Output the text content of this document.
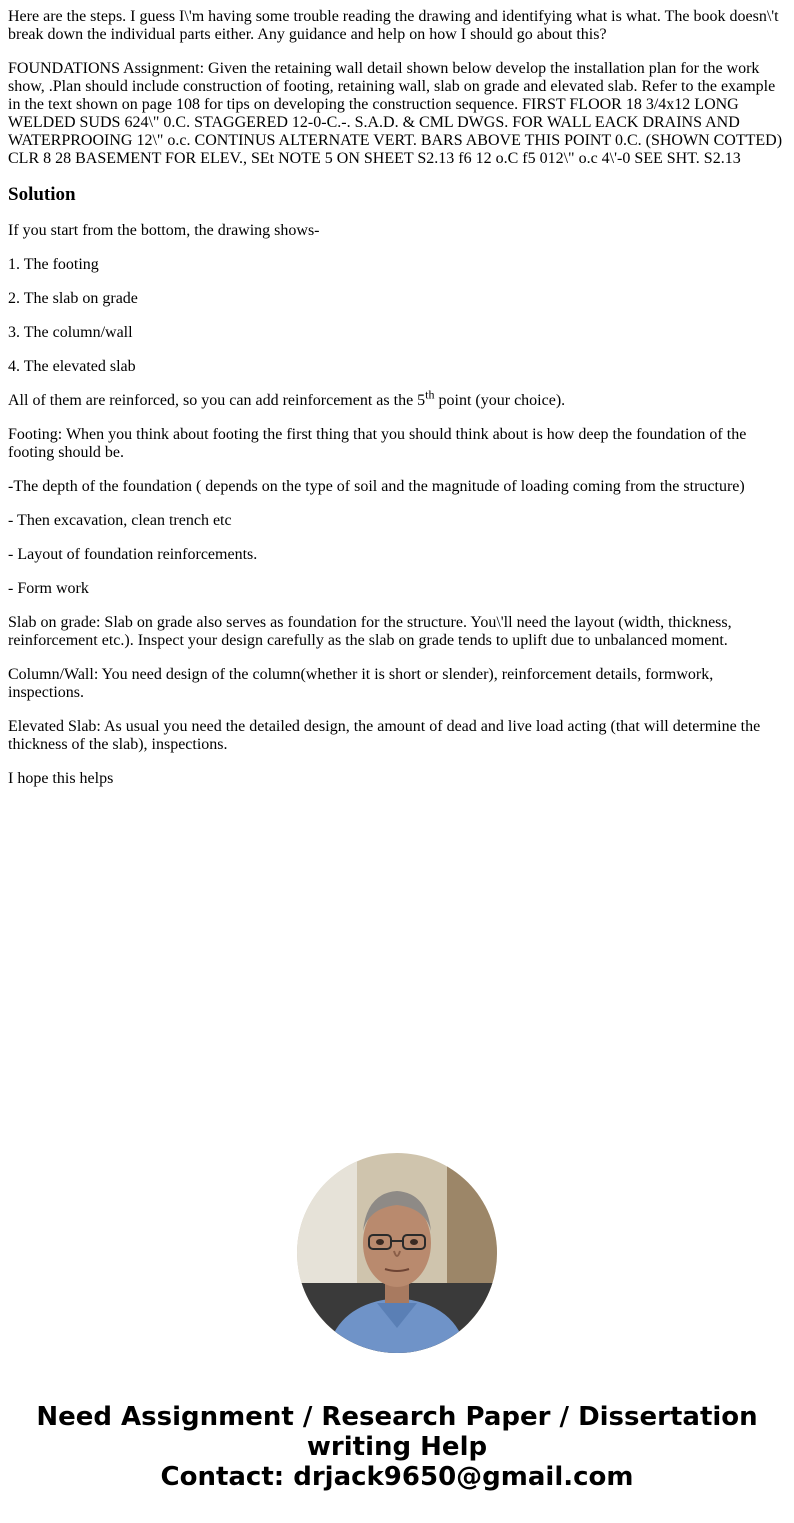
Here are the steps. I guess I\'m having some trouble reading the drawing and identifying what is what. The book doesn\'t break down the individual parts either. Any guidance and help on how I should go about this?

FOUNDATIONS Assignment: Given the retaining wall detail shown below develop the installation plan for the work show, .Plan should include construction of footing, retaining wall, slab on grade and elevated slab. Refer to the example in the text shown on page 108 for tips on developing the construction sequence. FIRST FLOOR 18 3/4x12 LONG WELDED SUDS 624\" 0.C. STAGGERED 12-0-C.-. S.A.D. & CML DWGS. FOR WALL EACK DRAINS AND WATERPROOING 12\" o.c. CONTINUS ALTERNATE VERT. BARS ABOVE THIS POINT 0.C. (SHOWN COTTED) CLR 8 28 BASEMENT FOR ELEV., SEt NOTE 5 ON SHEET S2.13 f6 12 o.C f5 012\" o.c 4\'-0 SEE SHT. S2.13

Solution

If you start from the bottom, the drawing shows-

1. The footing

2. The slab on grade

3. The column/wall

4. The elevated slab

All of them are reinforced, so you can add reinforcement as the 5th point (your choice).

Footing: When you think about footing the first thing that you should think about is how deep the foundation of the footing should be.

-The depth of the foundation ( depends on the type of soil and the magnitude of loading coming from the structure)

- Then excavation, clean trench etc

- Layout of foundation reinforcements.

- Form work

Slab on grade: Slab on grade also serves as foundation for the structure. You\'ll need the layout (width, thickness, reinforcement etc.). Inspect your design carefully as the slab on grade tends to uplift due to unbalanced moment.

Column/Wall: You need design of the column(whether it is short or slender), reinforcement details, formwork, inspections.

Elevated Slab: As usual you need the detailed design, the amount of dead and live load acting (that will determine the thickness of the slab), inspections.

I hope this helps

Need Assignment / Research Paper / Dissertation
writing Help
Contact: drjack9650@gmail.com
